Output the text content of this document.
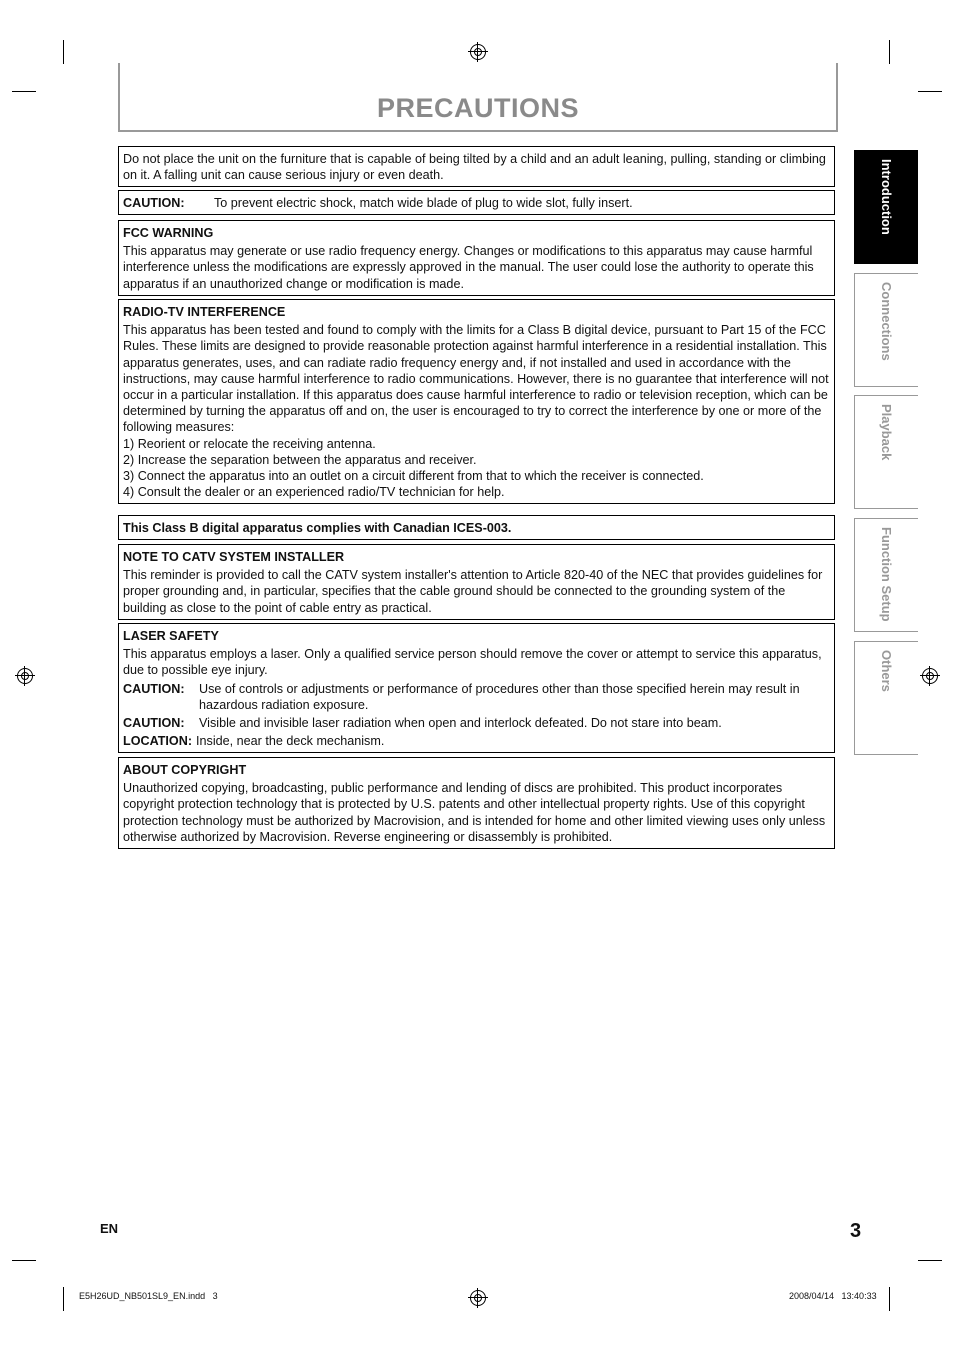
PRECAUTIONS

Do not place the unit on the furniture that is capable of being tilted by a child and an adult leaning, pulling, standing or climbing on it. A falling unit can cause serious injury or even death.

CAUTION:	To prevent electric shock, match wide blade of plug to wide slot, fully insert.
FCC WARNING

This apparatus may generate or use radio frequency energy. Changes or modifications to this apparatus may cause harmful interference unless the modifications are expressly approved in the manual. The user could lose the authority to operate this apparatus if an unauthorized change or modification is made.

RADIO-TV INTERFERENCE

This apparatus has been tested and found to comply with the limits for a Class B digital device, pursuant to Part 15 of the FCC Rules. These limits are designed to provide reasonable protection against harmful interference in a residential installation. This apparatus generates, uses, and can radiate radio frequency energy and, if not installed and used in accordance with the instructions, may cause harmful interference to radio communications. However, there is no guarantee that interference will not occur in a particular installation. If this apparatus does cause harmful interference to radio or television reception, which can be determined by turning the apparatus off and on, the user is encouraged to try to correct the interference by one or more of the following measures:

1) Reorient or relocate the receiving antenna.

2) Increase the separation between the apparatus and receiver.

3) Connect the apparatus into an outlet on a circuit different from that to which the receiver is connected.

4) Consult the dealer or an experienced radio/TV technician for help.

This Class B digital apparatus complies with Canadian ICES-003.

NOTE TO CATV SYSTEM INSTALLER

This reminder is provided to call the CATV system installer's attention to Article 820-40 of the NEC that provides guidelines for proper grounding and, in particular, specifies that the cable ground should be connected to the grounding system of the building as close to the point of cable entry as practical.

LASER SAFETY

This apparatus employs a laser. Only a qualified service person should remove the cover or attempt to service this apparatus, due to possible eye injury.

CAUTION:	Use of controls or adjustments or performance of procedures other than those specified herein may result in hazardous radiation exposure.
CAUTION:	Visible and invisible laser radiation when open and interlock defeated. Do not stare into beam.
LOCATION: Inside, near the deck mechanism.
ABOUT COPYRIGHT

Unauthorized copying, broadcasting, public performance and lending of discs are prohibited. This product incorporates copyright protection technology that is protected by U.S. patents and other intellectual property rights. Use of this copyright protection technology must be authorized by Macrovision, and is intended for home and other limited viewing uses only unless otherwise authorized by Macrovision. Reverse engineering or disassembly is prohibited.

Introduction
Connections
Playback
Function Setup
Others
EN	3
E5H26UD_NB501SL9_EN.indd   3	2008/04/14   13:40:33
